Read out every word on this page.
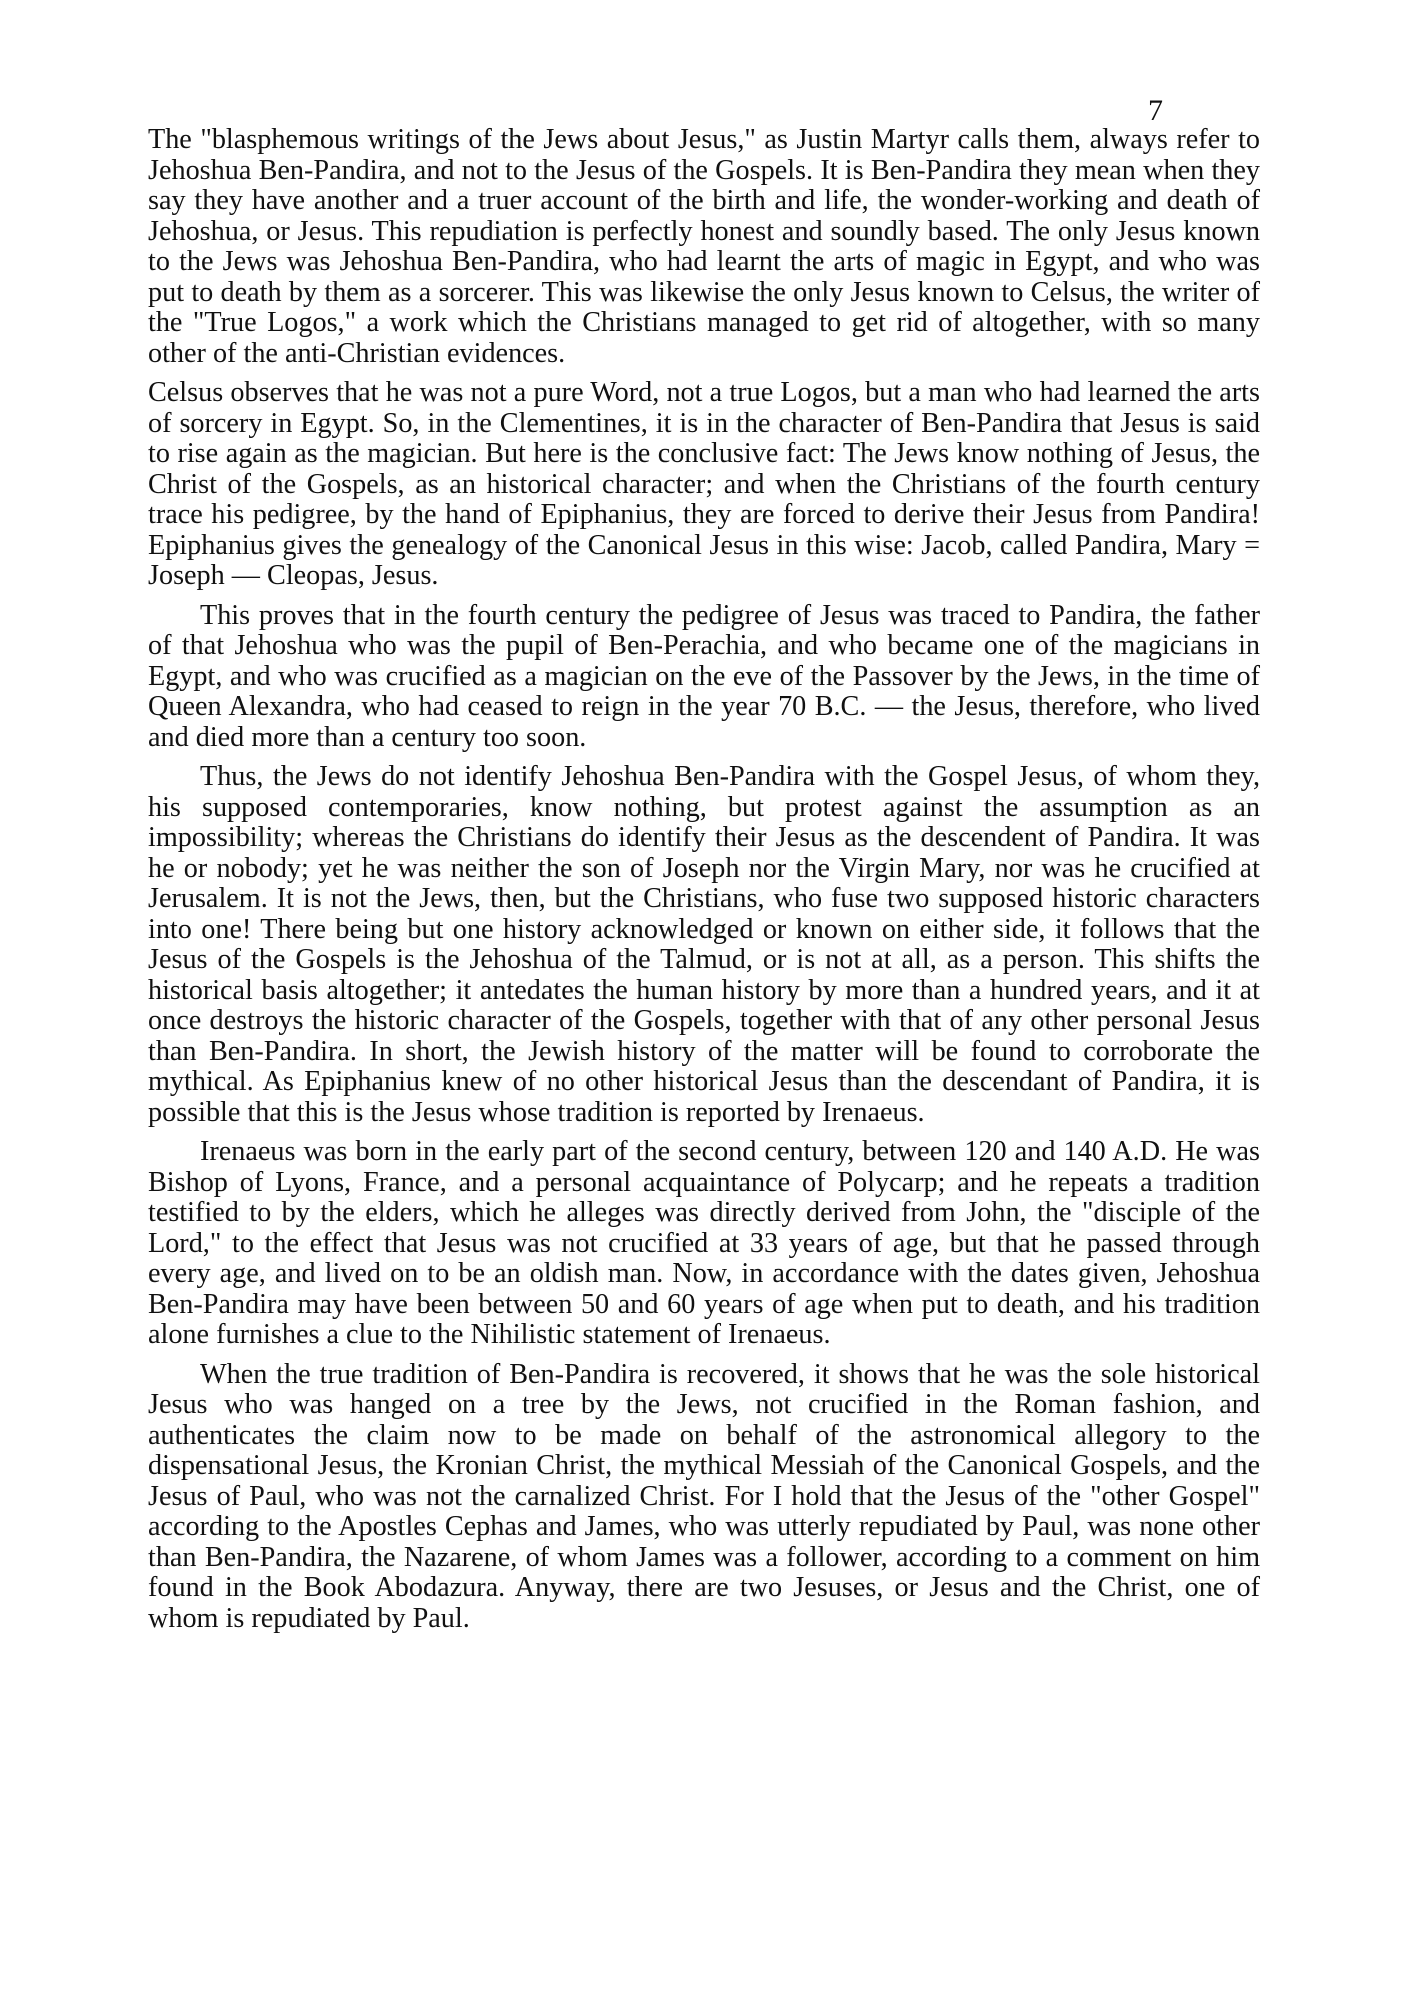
7

The "blasphemous writings of the Jews about Jesus," as Justin Martyr calls them, always refer to Jehoshua Ben-Pandira, and not to the Jesus of the Gospels. It is Ben-Pandira they mean when they say they have another and a truer account of the birth and life, the wonder-working and death of Jehoshua, or Jesus. This repudiation is perfectly honest and soundly based. The only Jesus known to the Jews was Jehoshua Ben-Pandira, who had learnt the arts of magic in Egypt, and who was put to death by them as a sorcerer. This was likewise the only Jesus known to Celsus, the writer of the "True Logos," a work which the Christians managed to get rid of altogether, with so many other of the anti-Christian evidences.

Celsus observes that he was not a pure Word, not a true Logos, but a man who had learned the arts of sorcery in Egypt. So, in the Clementines, it is in the character of Ben-Pandira that Jesus is said to rise again as the magician. But here is the conclusive fact: The Jews know nothing of Jesus, the Christ of the Gospels, as an historical character; and when the Christians of the fourth century trace his pedigree, by the hand of Epiphanius, they are forced to derive their Jesus from Pandira! Epiphanius gives the genealogy of the Canonical Jesus in this wise: Jacob, called Pandira, Mary = Joseph — Cleopas, Jesus.

This proves that in the fourth century the pedigree of Jesus was traced to Pandira, the father of that Jehoshua who was the pupil of Ben-Perachia, and who became one of the magicians in Egypt, and who was crucified as a magician on the eve of the Passover by the Jews, in the time of Queen Alexandra, who had ceased to reign in the year 70 B.C. — the Jesus, therefore, who lived and died more than a century too soon.

Thus, the Jews do not identify Jehoshua Ben-Pandira with the Gospel Jesus, of whom they, his supposed contemporaries, know nothing, but protest against the assumption as an impossibility; whereas the Christians do identify their Jesus as the descendent of Pandira. It was he or nobody; yet he was neither the son of Joseph nor the Virgin Mary, nor was he crucified at Jerusalem. It is not the Jews, then, but the Christians, who fuse two supposed historic characters into one! There being but one history acknowledged or known on either side, it follows that the Jesus of the Gospels is the Jehoshua of the Talmud, or is not at all, as a person. This shifts the historical basis altogether; it antedates the human history by more than a hundred years, and it at once destroys the historic character of the Gospels, together with that of any other personal Jesus than Ben-Pandira. In short, the Jewish history of the matter will be found to corroborate the mythical. As Epiphanius knew of no other historical Jesus than the descendant of Pandira, it is possible that this is the Jesus whose tradition is reported by Irenaeus.

Irenaeus was born in the early part of the second century, between 120 and 140 A.D. He was Bishop of Lyons, France, and a personal acquaintance of Polycarp; and he repeats a tradition testified to by the elders, which he alleges was directly derived from John, the "disciple of the Lord," to the effect that Jesus was not crucified at 33 years of age, but that he passed through every age, and lived on to be an oldish man. Now, in accordance with the dates given, Jehoshua Ben-Pandira may have been between 50 and 60 years of age when put to death, and his tradition alone furnishes a clue to the Nihilistic statement of Irenaeus.

When the true tradition of Ben-Pandira is recovered, it shows that he was the sole historical Jesus who was hanged on a tree by the Jews, not crucified in the Roman fashion, and authenticates the claim now to be made on behalf of the astronomical allegory to the dispensational Jesus, the Kronian Christ, the mythical Messiah of the Canonical Gospels, and the Jesus of Paul, who was not the carnalized Christ. For I hold that the Jesus of the "other Gospel" according to the Apostles Cephas and James, who was utterly repudiated by Paul, was none other than Ben-Pandira, the Nazarene, of whom James was a follower, according to a comment on him found in the Book Abodazura. Anyway, there are two Jesuses, or Jesus and the Christ, one of whom is repudiated by Paul.
